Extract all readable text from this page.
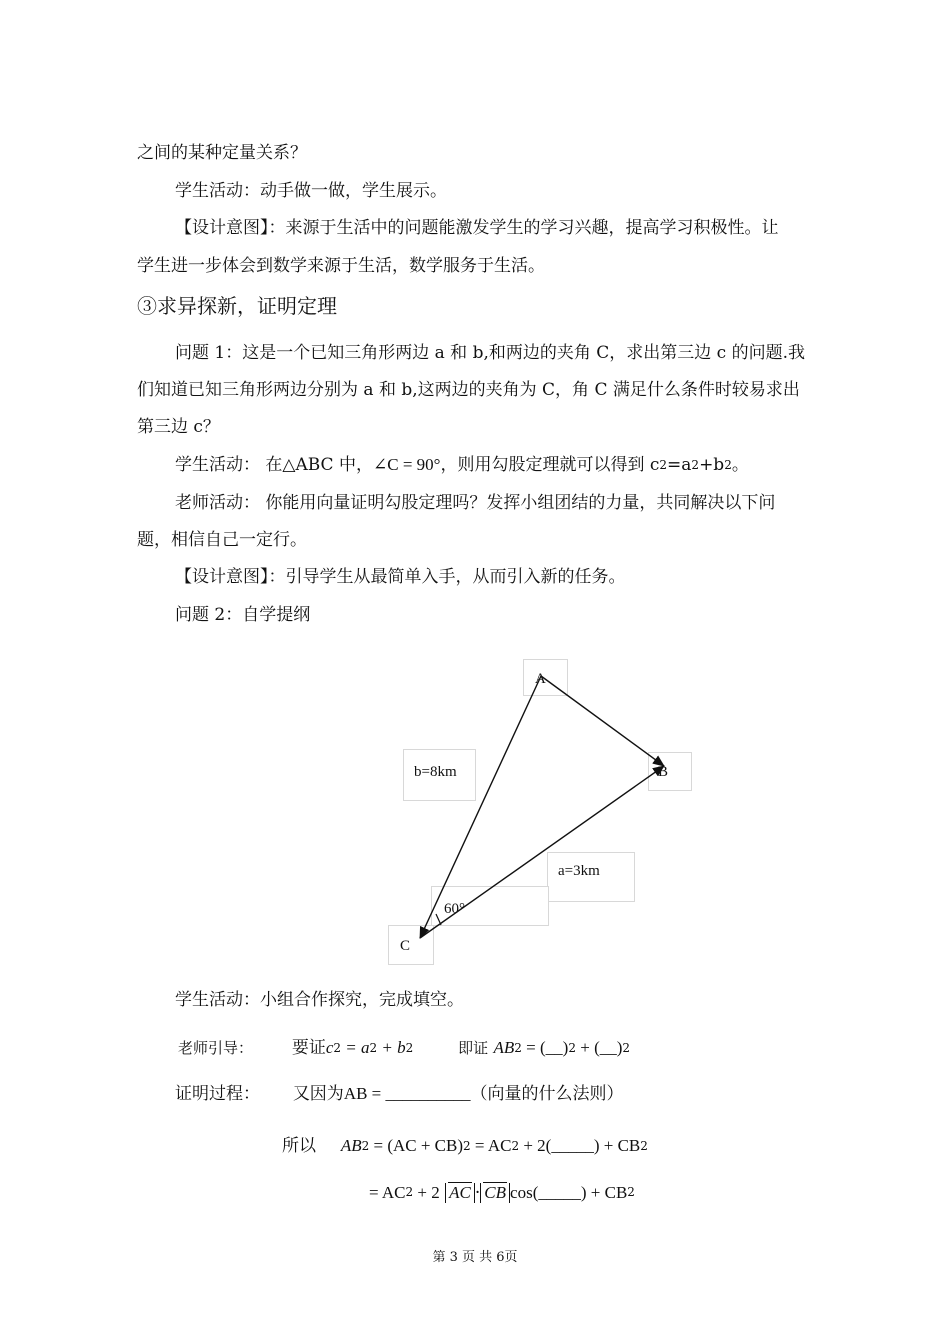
之间的某种定量关系？
学生活动：动手做一做，学生展示。
【设计意图】：来源于生活中的问题能激发学生的学习兴趣，提高学习积极性。让
学生进一步体会到数学来源于生活，数学服务于生活。
③求异探新，证明定理
问题 1：这是一个已知三角形两边 a 和 b,和两边的夹角 C，求出第三边 c 的问题.我
们知道已知三角形两边分别为 a 和 b,这两边的夹角为 C，角 C 满足什么条件时较易求出
第三边 c？
学生活动： 在△ABC 中，∠C = 90°，则用勾股定理就可以得到 $c^2=a^2+b^2$。
老师活动： 你能用向量证明勾股定理吗？发挥小组团结的力量，共同解决以下问
题，相信自己一定行。
【设计意图】：引导学生从最简单入手，从而引入新的任务。
问题 2：自学提纲
A
B
C
b=8km
a=3km
60°
学生活动：小组合作探究，完成填空。
老师引导： 要证$c^2 = a^2 + b^2$	即证 $AB^2$ = (__)$^2$ + (__)$^2$
证明过程： 又因为AB = __________（向量的什么法则）
所以 $AB^2 = (AC + CB)^2 = AC^2$ + 2(_____) + $CB^2$
= $AC^2 + 2$ AC · CB cos(_____) + $CB^2$
第 3 页 共 6页
